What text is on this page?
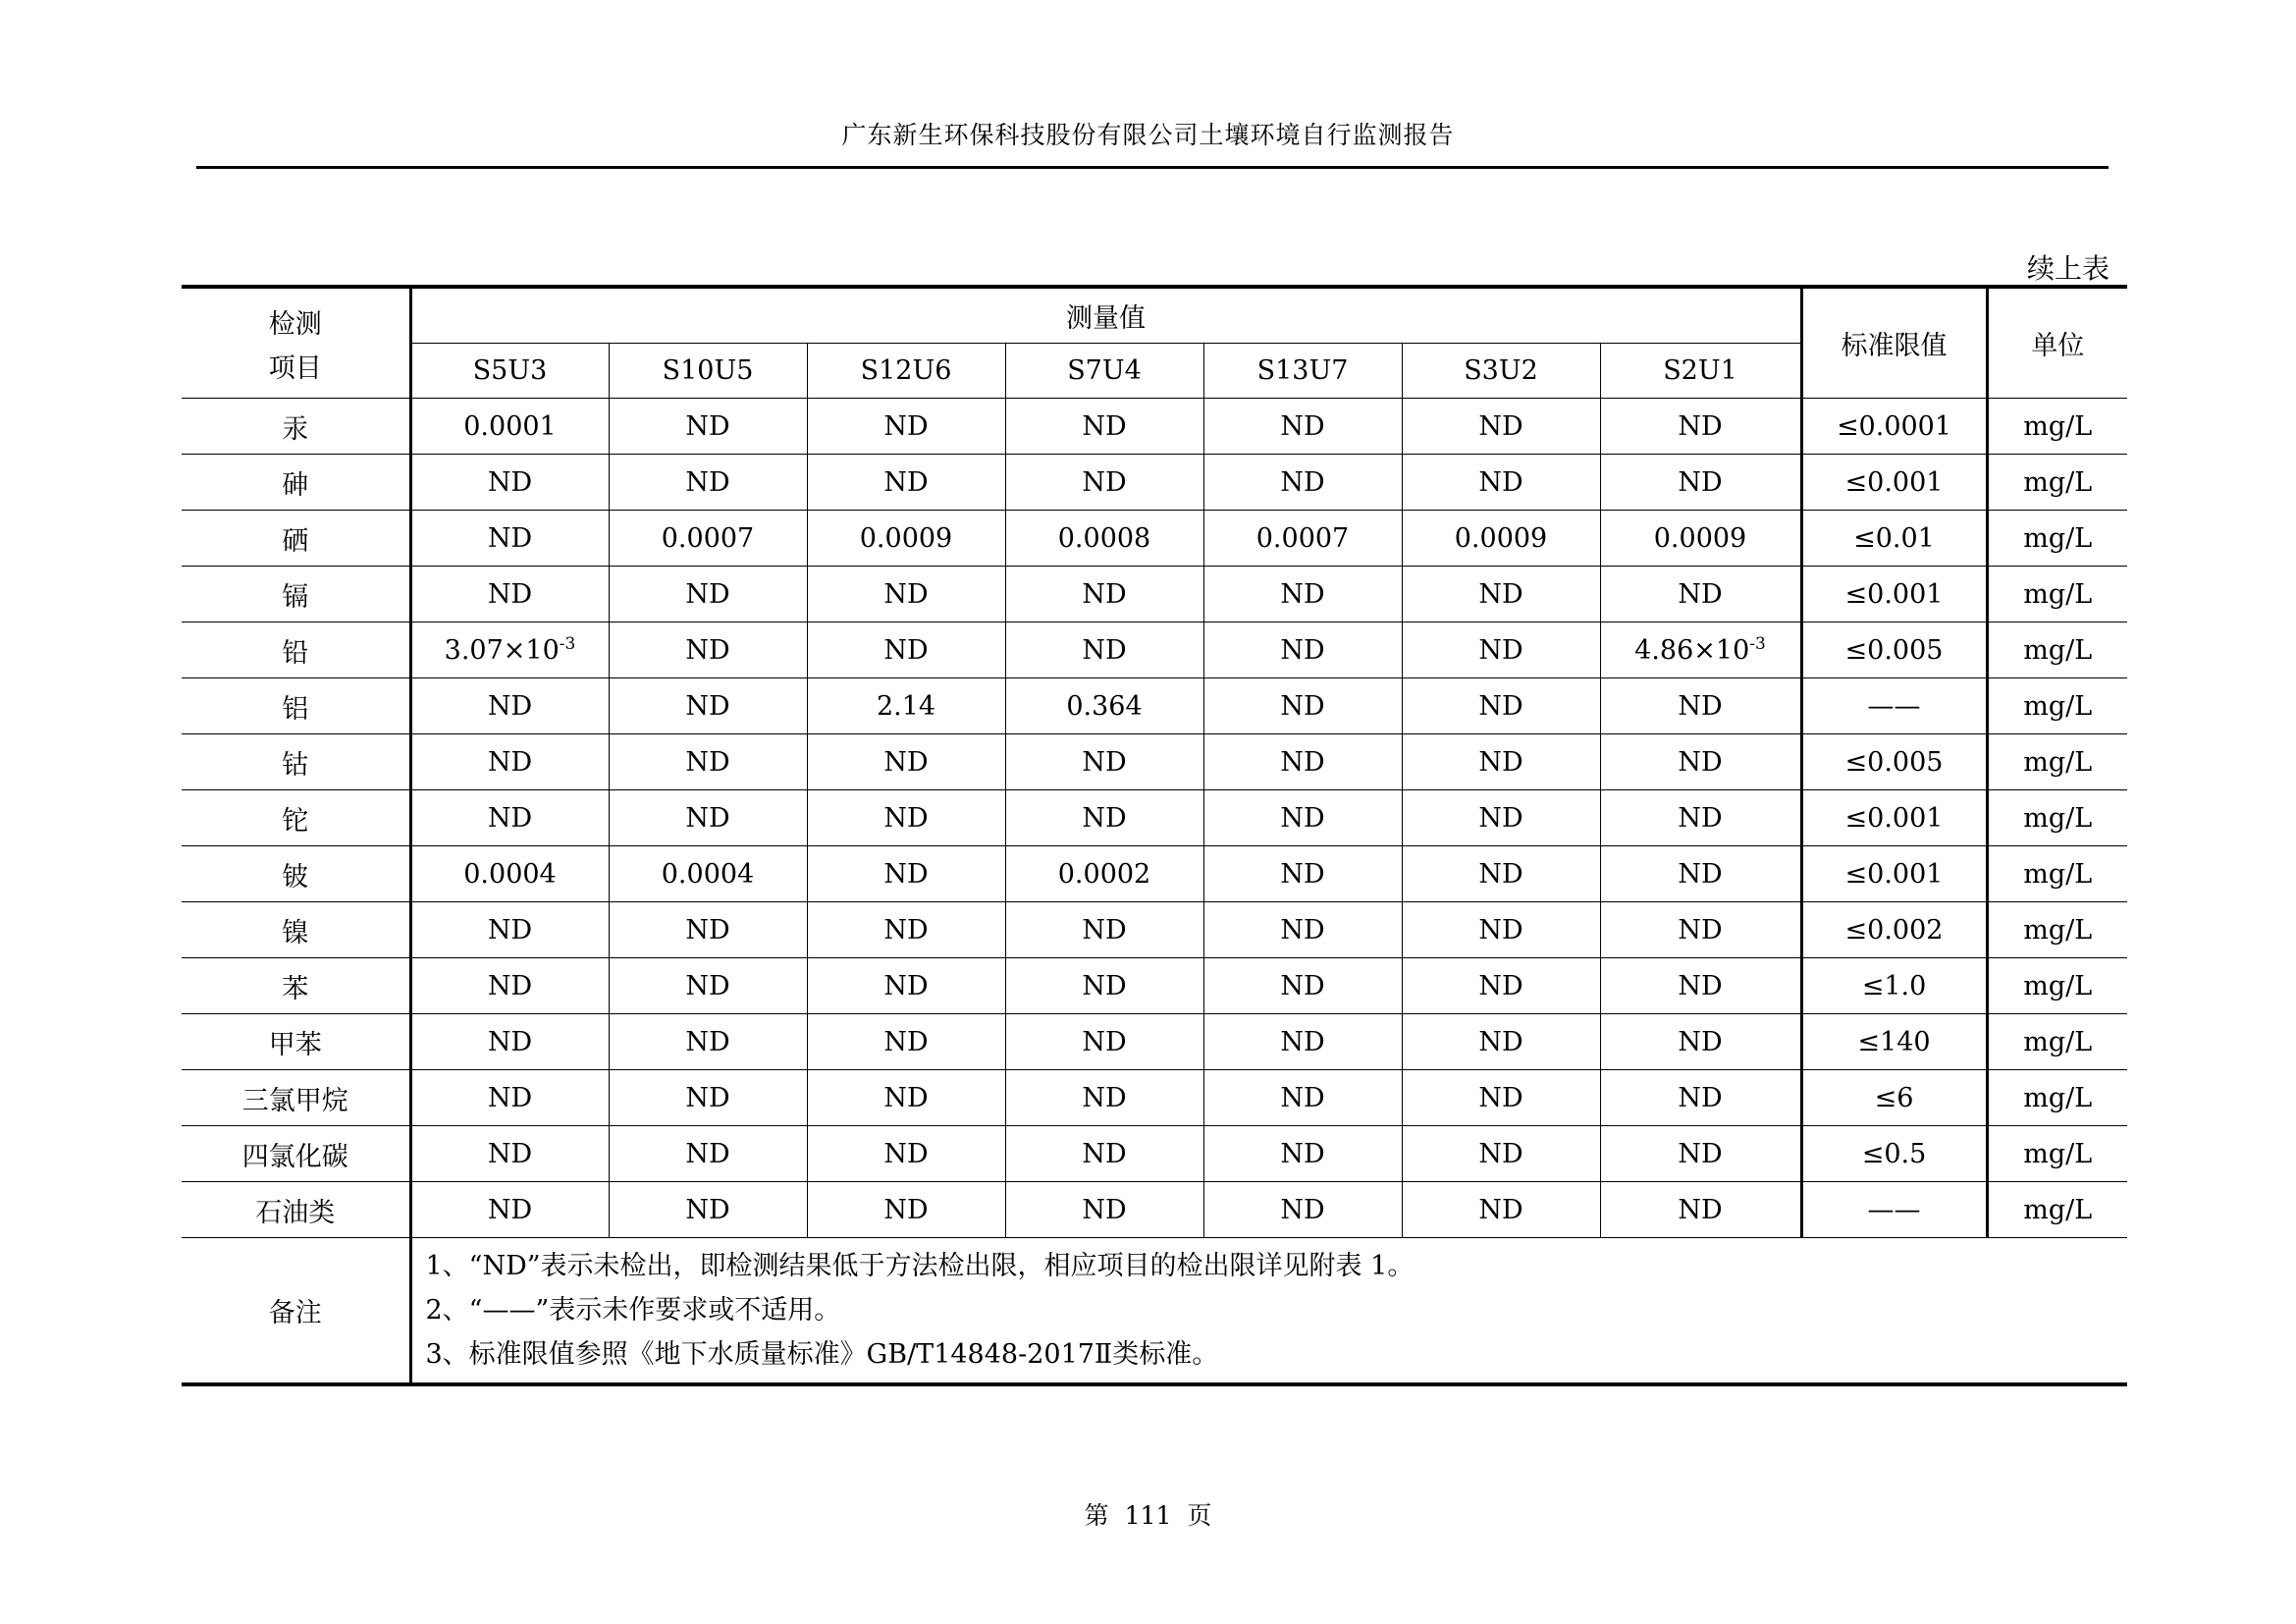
广东新生环保科技股份有限公司土壤环境自行监测报告
续上表
检测
项目	测量值							标准限值	单位
	S5U3	S10U5	S12U6	S7U4	S13U7	S3U2	S2U1		
汞	0.0001	ND	ND	ND	ND	ND	ND	≤0.0001	mg/L
砷	ND	ND	ND	ND	ND	ND	ND	≤0.001	mg/L
硒	ND	0.0007	0.0009	0.0008	0.0007	0.0009	0.0009	≤0.01	mg/L
镉	ND	ND	ND	ND	ND	ND	ND	≤0.001	mg/L
铅	$3.07\times 10^{-3}$	ND	ND	ND	ND	ND	$4.86\times 10^{-3}$	≤0.005	mg/L
铝	ND	ND	2.14	0.364	ND	ND	ND	——	mg/L
钴	ND	ND	ND	ND	ND	ND	ND	≤0.005	mg/L
铊	ND	ND	ND	ND	ND	ND	ND	≤0.001	mg/L
铍	0.0004	0.0004	ND	0.0002	ND	ND	ND	≤0.001	mg/L
镍	ND	ND	ND	ND	ND	ND	ND	≤0.002	mg/L
苯	ND	ND	ND	ND	ND	ND	ND	≤1.0	mg/L
甲苯	ND	ND	ND	ND	ND	ND	ND	≤140	mg/L
三氯甲烷	ND	ND	ND	ND	ND	ND	ND	≤6	mg/L
四氯化碳	ND	ND	ND	ND	ND	ND	ND	≤0.5	mg/L
石油类	ND	ND	ND	ND	ND	ND	ND	——	mg/L
备注	1、“ND”表示未检出，即检测结果低于方法检出限，相应项目的检出限详见附表 1。
2、“——”表示未作要求或不适用。
3、标准限值参照《地下水质量标准》GB/T14848-2017Ⅱ类标准。								
第 111 页
